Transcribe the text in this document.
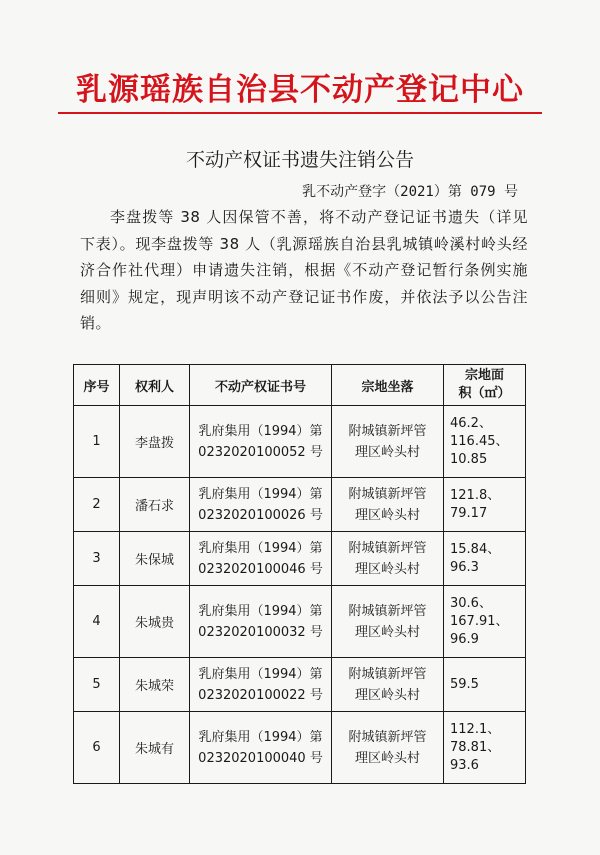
乳源瑶族自治县不动产登记中心
不动产权证书遗失注销公告
乳不动产登字（2021）第 079 号
李盘拨等 38 人因保管不善，将不动产登记证书遗失（详见下表）。现李盘拨等 38 人（乳源瑶族自治县乳城镇岭溪村岭头经济合作社代理）申请遗失注销，根据《不动产登记暂行条例实施细则》规定，现声明该不动产登记证书作废，并依法予以公告注销。
序号	权利人	不动产权证书号	宗地坐落	宗地面
积（㎡）

1	李盘拨	乳府集用（1994）第
0232020100052 号	附城镇新坪管
理区岭头村	46.2、
116.45、
10.85

2	潘石求	乳府集用（1994）第
0232020100026 号	附城镇新坪管
理区岭头村	121.8、
79.17

3	朱保城	乳府集用（1994）第
0232020100046 号	附城镇新坪管
理区岭头村	15.84、
96.3

4	朱城贵	乳府集用（1994）第
0232020100032 号	附城镇新坪管
理区岭头村	30.6、
167.91、
96.9

5	朱城荣	乳府集用（1994）第
0232020100022 号	附城镇新坪管
理区岭头村	59.5

6	朱城有	乳府集用（1994）第
0232020100040 号	附城镇新坪管
理区岭头村	112.1、
78.81、
93.6
